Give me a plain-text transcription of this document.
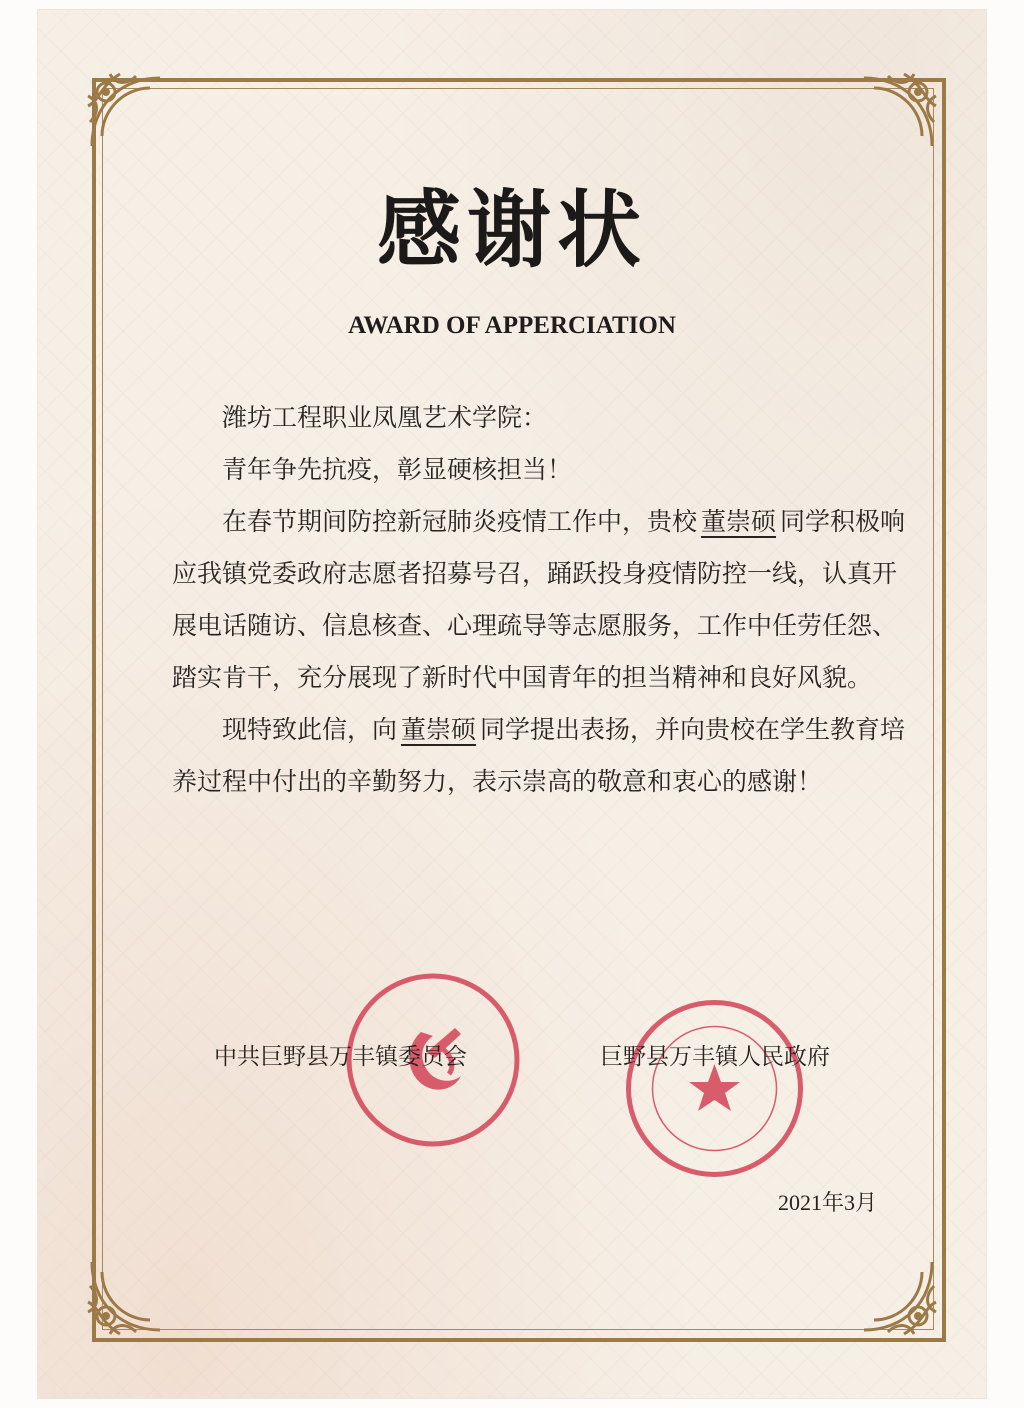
感谢状
AWARD OF APPERCIATION

潍坊工程职业凤凰艺术学院：

青年争先抗疫，彰显硬核担当！

在春节期间防控新冠肺炎疫情工作中，贵校 董崇硕 同学积极响应我镇党委政府志愿者招募号召，踊跃投身疫情防控一线，认真开展电话随访、信息核查、心理疏导等志愿服务，工作中任劳任怨、踏实肯干，充分展现了新时代中国青年的担当精神和良好风貌。

现特致此信，向 董崇硕 同学提出表扬，并向贵校在学生教育培养过程中付出的辛勤努力，表示崇高的敬意和衷心的感谢！

中共巨野县万丰镇委员会	巨野县万丰镇人民政府
2021年3月
